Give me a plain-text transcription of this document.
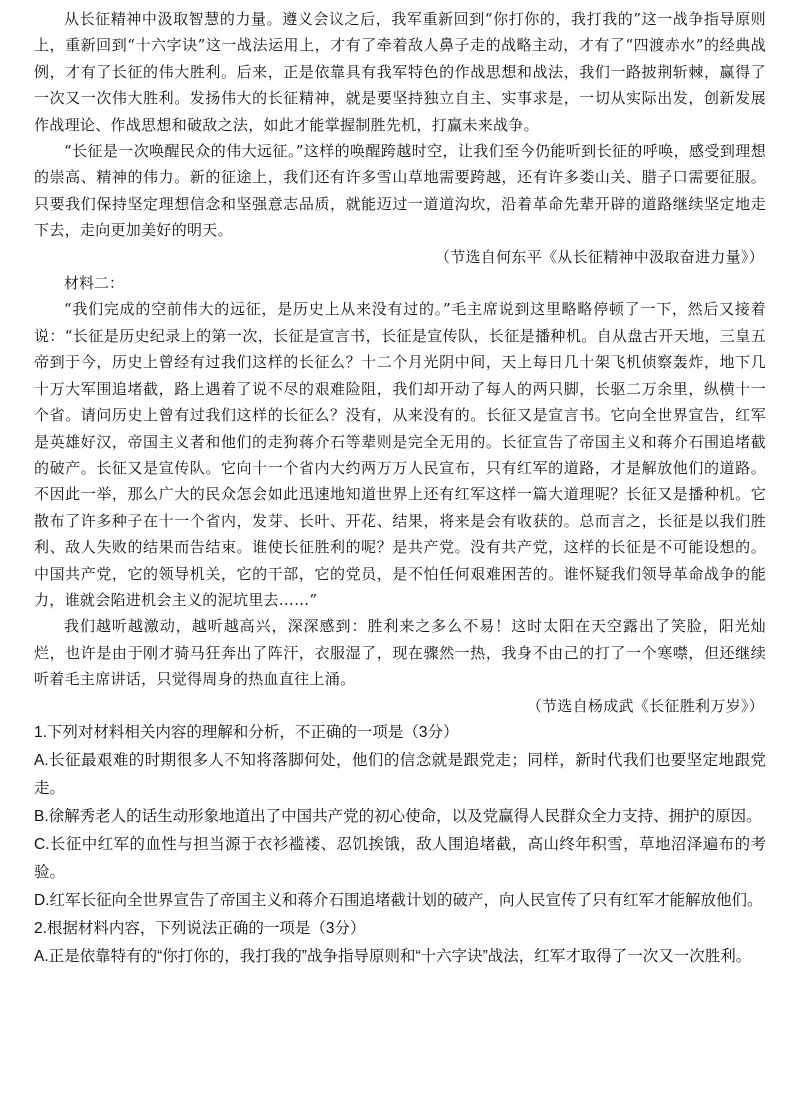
从长征精神中汲取智慧的力量。遵义会议之后，我军重新回到“你打你的，我打我的”这一战争指导原则上，重新回到“十六字诀”这一战法运用上，才有了牵着敌人鼻子走的战略主动，才有了“四渡赤水”的经典战例，才有了长征的伟大胜利。后来，正是依靠具有我军特色的作战思想和战法，我们一路披荆斩棘，赢得了一次又一次伟大胜利。发扬伟大的长征精神，就是要坚持独立自主、实事求是，一切从实际出发，创新发展作战理论、作战思想和破敌之法，如此才能掌握制胜先机，打赢未来战争。

“长征是一次唤醒民众的伟大远征。”这样的唤醒跨越时空，让我们至今仍能听到长征的呼唤，感受到理想的崇高、精神的伟力。新的征途上，我们还有许多雪山草地需要跨越，还有许多娄山关、腊子口需要征服。只要我们保持坚定理想信念和坚强意志品质，就能迈过一道道沟坎，沿着革命先辈开辟的道路继续坚定地走下去，走向更加美好的明天。

（节选自何东平《从长征精神中汲取奋进力量》）

材料二：

“我们完成的空前伟大的远征，是历史上从来没有过的。”毛主席说到这里略略停顿了一下，然后又接着说：“长征是历史纪录上的第一次，长征是宣言书，长征是宣传队，长征是播种机。自从盘古开天地，三皇五帝到于今，历史上曾经有过我们这样的长征么？十二个月光阴中间，天上每日几十架飞机侦察轰炸，地下几十万大军围追堵截，路上遇着了说不尽的艰难险阻，我们却开动了每人的两只脚，长驱二万余里，纵横十一个省。请问历史上曾有过我们这样的长征么？没有，从来没有的。长征又是宣言书。它向全世界宣告，红军是英雄好汉，帝国主义者和他们的走狗蒋介石等辈则是完全无用的。长征宣告了帝国主义和蒋介石围追堵截的破产。长征又是宣传队。它向十一个省内大约两万万人民宣布，只有红军的道路，才是解放他们的道路。不因此一举，那么广大的民众怎会如此迅速地知道世界上还有红军这样一篇大道理呢？长征又是播种机。它散布了许多种子在十一个省内，发芽、长叶、开花、结果，将来是会有收获的。总而言之，长征是以我们胜利、敌人失败的结果而告结束。谁使长征胜利的呢？是共产党。没有共产党，这样的长征是不可能设想的。中国共产党，它的领导机关，它的干部，它的党员，是不怕任何艰难困苦的。谁怀疑我们领导革命战争的能力，谁就会陷进机会主义的泥坑里去……”

我们越听越激动，越听越高兴，深深感到：胜利来之多么不易！这时太阳在天空露出了笑脸，阳光灿烂，也许是由于刚才骑马狂奔出了阵汗，衣服湿了，现在骤然一热，我身不由己的打了一个寒噤，但还继续听着毛主席讲话，只觉得周身的热血直往上涌。

（节选自杨成武《长征胜利万岁》）

1.下列对材料相关内容的理解和分析，不正确的一项是（3分）

A.长征最艰难的时期很多人不知将落脚何处，他们的信念就是跟党走；同样，新时代我们也要坚定地跟党走。

B.徐解秀老人的话生动形象地道出了中国共产党的初心使命，以及党赢得人民群众全力支持、拥护的原因。

C.长征中红军的血性与担当源于衣衫褴褛、忍饥挨饿，敌人围追堵截，高山终年积雪，草地沼泽遍布的考验。

D.红军长征向全世界宣告了帝国主义和蒋介石围追堵截计划的破产，向人民宣传了只有红军才能解放他们。

2.根据材料内容，下列说法正确的一项是（3分）

A.正是依靠特有的“你打你的，我打我的”战争指导原则和“十六字诀”战法，红军才取得了一次又一次胜利。
